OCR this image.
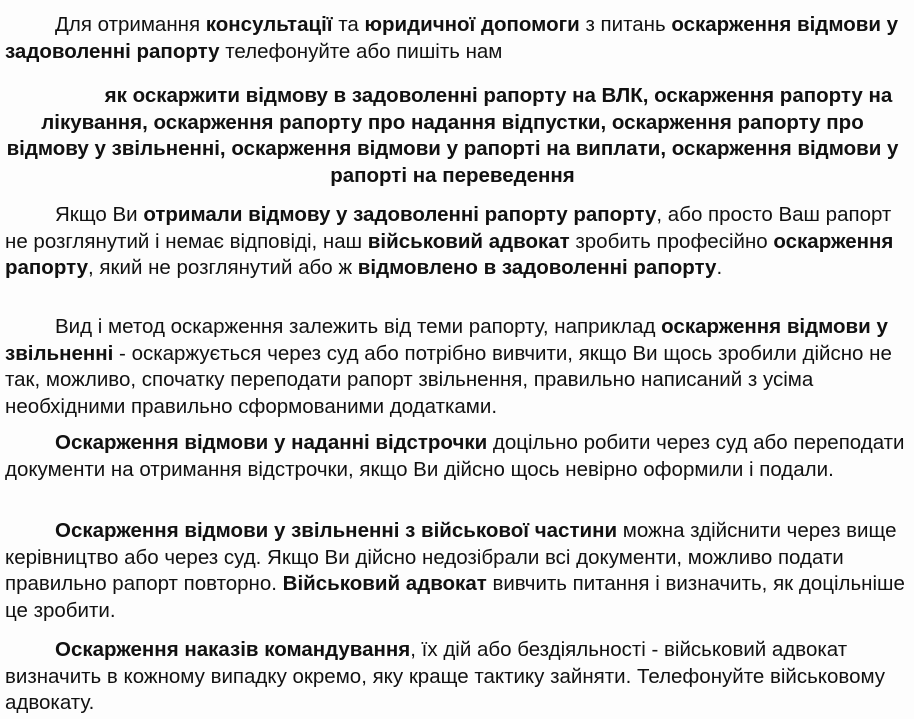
Для отримання консультації та юридичної допомоги з питань оскарження відмови у задоволенні рапорту телефонуйте або пишіть нам

як оскаржити відмову в задоволенні рапорту на ВЛК, оскарження рапорту на лікування, оскарження рапорту про надання відпустки, оскарження рапорту про відмову у звільненні, оскарження відмови у рапорті на виплати, оскарження відмови у рапорті на переведення

Якщо Ви отримали відмову у задоволенні рапорту рапорту, або просто Ваш рапорт не розглянутий і немає відповіді, наш військовий адвокат зробить професійно оскарження рапорту, який не розглянутий або ж відмовлено в задоволенні рапорту.

Вид і метод оскарження залежить від теми рапорту, наприклад оскарження відмови у звільненні - оскаржується через суд або потрібно вивчити, якщо Ви щось зробили дійсно не так, можливо, спочатку переподати рапорт звільнення, правильно написаний з усіма необхідними правильно сформованими додатками.

Оскарження відмови у наданні відстрочки доцільно робити через суд або переподати документи на отримання відстрочки, якщо Ви дійсно щось невірно оформили і подали.

Оскарження відмови у звільненні з військової частини можна здійснити через вище керівництво або через суд. Якщо Ви дійсно недозібрали всі документи, можливо подати правильно рапорт повторно. Військовий адвокат вивчить питання і визначить, як доцільніше це зробити.

Оскарження наказів командування, їх дій або бездіяльності - військовий адвокат визначить в кожному випадку окремо, яку краще тактику зайняти. Телефонуйте військовому адвокату.
